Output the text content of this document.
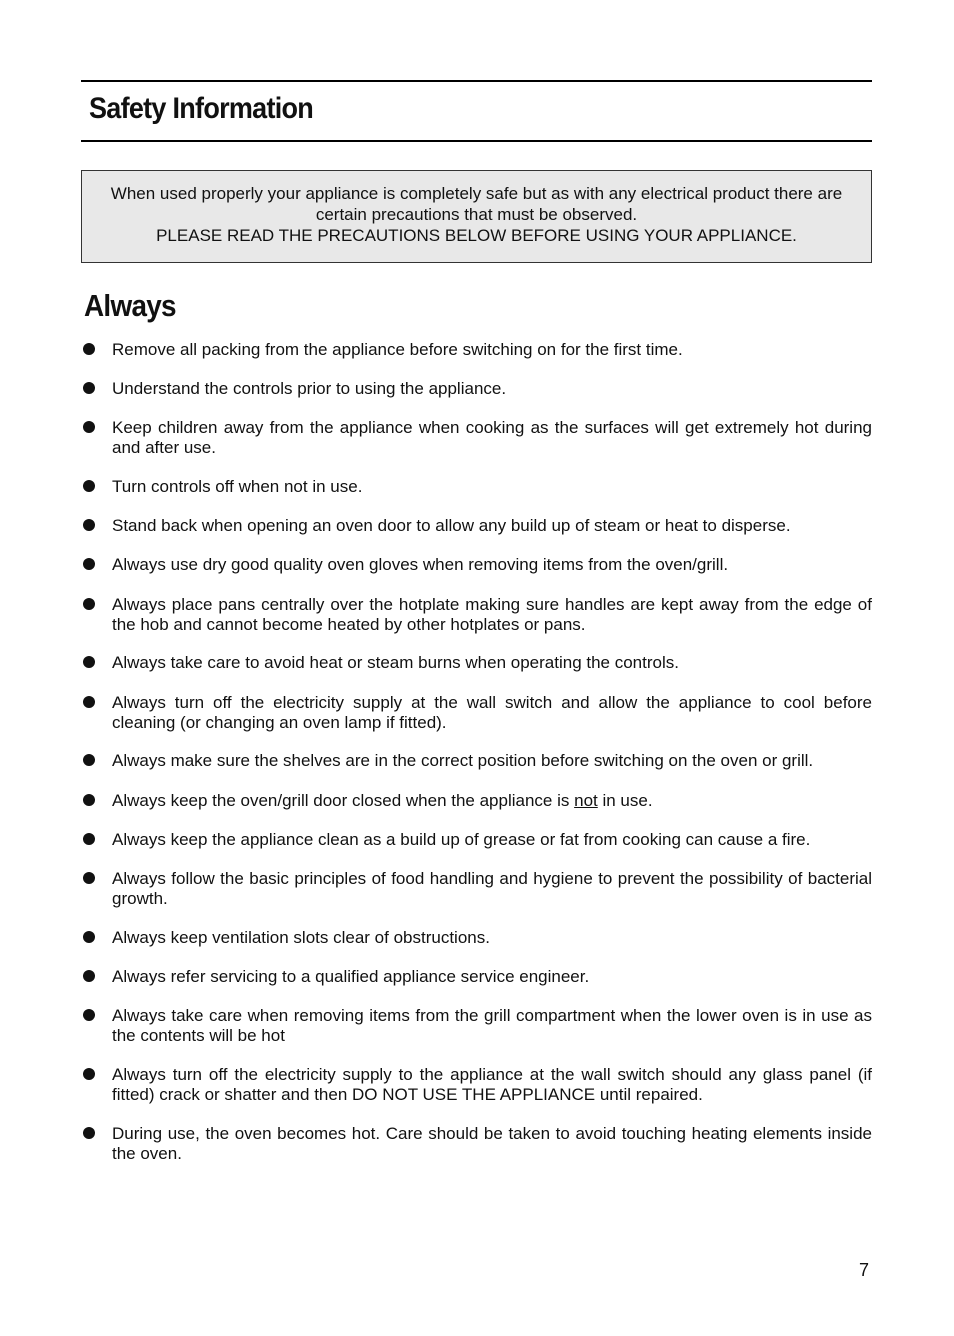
Safety Information

When used properly your appliance is completely safe but as with any electrical product there are certain precautions that must be observed.

PLEASE READ THE PRECAUTIONS BELOW BEFORE USING YOUR APPLIANCE.

Always
Remove all packing from the appliance before switching on for the first time.
Understand the controls prior to using the appliance.
Keep children away from the appliance when cooking as the surfaces will get extremely hot during and after use.
Turn controls off when not in use.
Stand back when opening an oven door to allow any build up of steam or heat to disperse.
Always use dry good quality oven gloves when removing items from the oven/grill.
Always place pans centrally over the hotplate making sure handles are kept away from the edge of the hob and cannot become heated by other hotplates or pans.
Always take care to avoid heat or steam burns when operating the controls.
Always turn off the electricity supply at the wall switch and allow the appliance to cool before cleaning (or changing an oven lamp if fitted).
Always make sure the shelves are in the correct position before switching on the oven or grill.
Always keep the oven/grill door closed when the appliance is not in use.
Always keep the appliance clean as a build up of grease or fat from cooking can cause a fire.
Always follow the basic principles of food handling and hygiene to prevent the possibility of bacterial growth.
Always keep ventilation slots clear of obstructions.
Always refer servicing to a qualified appliance service engineer.
Always take care when removing items from the grill compartment when the lower oven is in use as the contents will be hot
Always turn off the electricity supply to the appliance at the wall switch should any glass panel (if fitted) crack or shatter and then DO NOT USE THE APPLIANCE until repaired.
During use, the oven becomes hot. Care should be taken to avoid touching heating elements inside the oven.
7
